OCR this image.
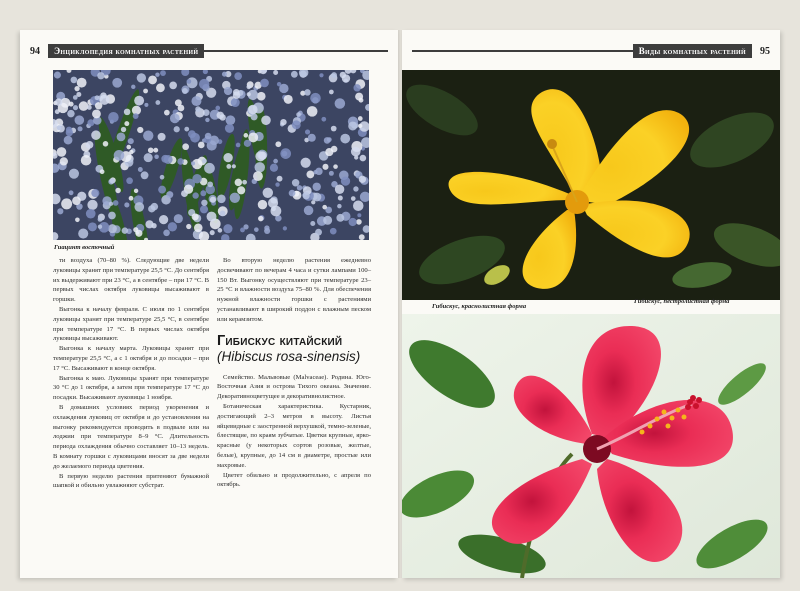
94	Энциклопедия комнатных растений
Гиацинт восточный

ти воздуха (70–80 %). Следующие две недели луковицы хранят при температуре 25,5 °С. До сентября их выдерживают при 23 °С, а в сентябре – при 17 °С. В первых числах октября луковицы высаживают в горшки.

Выгонка к началу февраля. С июля по 1 сентября луковицы хранят при температуре 25,5 °С, в сентябре при температуре 17 °С. В первых числах октября луковицы высаживают.

Выгонка к началу марта. Луковицы хранят при температуре 25,5 °С, а с 1 октября и до посадки – при 17 °С. Высаживают в конце октября.

Выгонка к маю. Луковицы хранят при температуре 30 °С до 1 октября, а затем при температуре 17 °С до посадки. Высаживают луковицы 1 ноября.

В домашних условиях период укоренения и охлаждения луковиц от октября и до установления на выгонку рекомендуется проводить в подвале или на лоджии при температуре 8–9 °С. Длительность периода охлаждения обычно составляет 10–13 недель. В комнату горшки с луковицами вносят за две недели до желаемого периода цветения.

В первую неделю растения притеняют бумажной шапкой и обильно увлажняют субстрат.

Во вторую неделю растения ежедневно досвечивают по вечерам 4 часа и сутки лампами 100–150 Вт. Выгонку осуществляют при температуре 23–25 °С и влажности воздуха 75–80 %. Для обеспечения нужной влажности горшки с растениями устанавливают в широкий поддон с влажным песком или керамзитом.

Гибискус китайский
(Hibiscus rosa-sinensis)

Семейство. Мальвовые (Malvaceae). Родина. Юго-Восточная Азия и острова Тихого океана. Значение. Декоративноцветущее и декоративнолистное.

Ботаническая характеристика. Кустарник, достигающий 2–3 метров в высоту. Листья яйцевидные с заостренной верхушкой, темно-зеленые, блестящие, по краям зубчатые. Цветки крупные, ярко-красные (у некоторых сортов розовые, желтые, белые), крупные, до 14 см в диаметре, простые или махровые.

Цветет обильно и продолжительно, с апреля по октябрь.

Виды комнатных растений	95
Гибискус, краснолистная форма
Гибискус, пестролистная форма
